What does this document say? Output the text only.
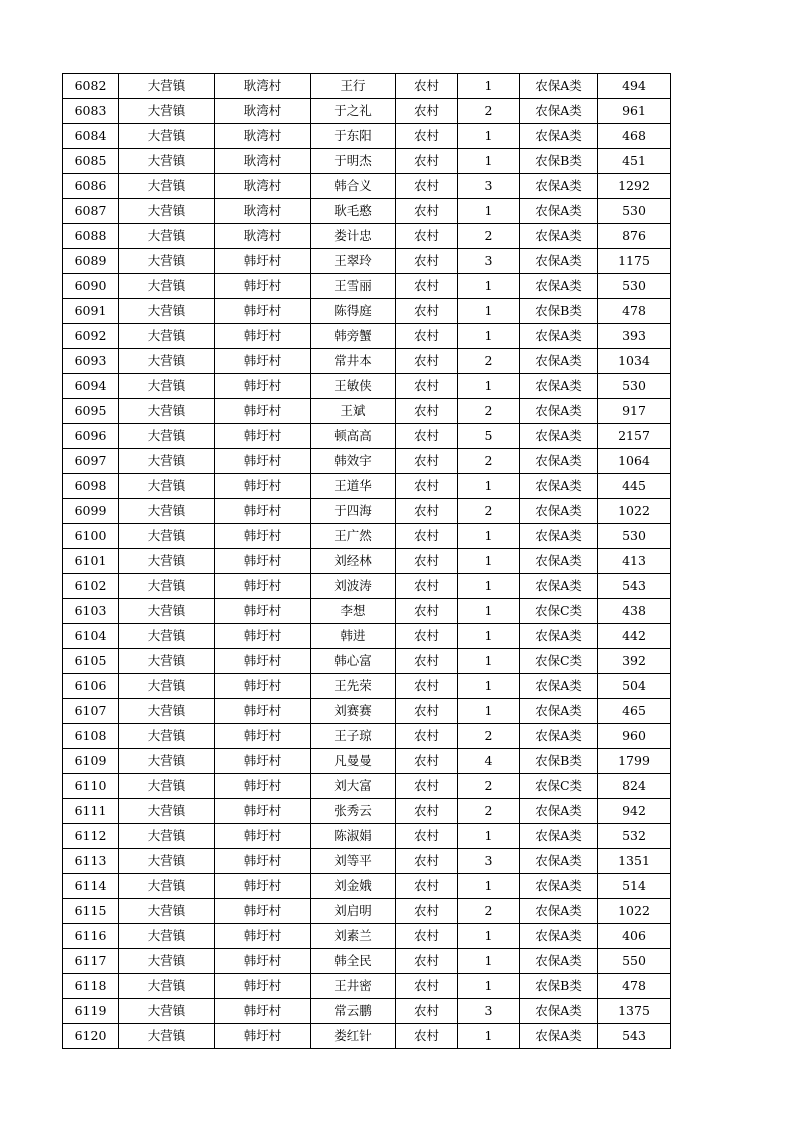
6082	大营镇	耿湾村	王行	农村	1	农保A类	494
6083	大营镇	耿湾村	于之礼	农村	2	农保A类	961
6084	大营镇	耿湾村	于东阳	农村	1	农保A类	468
6085	大营镇	耿湾村	于明杰	农村	1	农保B类	451
6086	大营镇	耿湾村	韩合义	农村	3	农保A类	1292
6087	大营镇	耿湾村	耿毛憨	农村	1	农保A类	530
6088	大营镇	耿湾村	娄计忠	农村	2	农保A类	876
6089	大营镇	韩圩村	王翠玲	农村	3	农保A类	1175
6090	大营镇	韩圩村	王雪丽	农村	1	农保A类	530
6091	大营镇	韩圩村	陈得庭	农村	1	农保B类	478
6092	大营镇	韩圩村	韩旁蟹	农村	1	农保A类	393
6093	大营镇	韩圩村	常井本	农村	2	农保A类	1034
6094	大营镇	韩圩村	王敏侠	农村	1	农保A类	530
6095	大营镇	韩圩村	王斌	农村	2	农保A类	917
6096	大营镇	韩圩村	顿高高	农村	5	农保A类	2157
6097	大营镇	韩圩村	韩效宇	农村	2	农保A类	1064
6098	大营镇	韩圩村	王道华	农村	1	农保A类	445
6099	大营镇	韩圩村	于四海	农村	2	农保A类	1022
6100	大营镇	韩圩村	王广然	农村	1	农保A类	530
6101	大营镇	韩圩村	刘经林	农村	1	农保A类	413
6102	大营镇	韩圩村	刘波涛	农村	1	农保A类	543
6103	大营镇	韩圩村	李想	农村	1	农保C类	438
6104	大营镇	韩圩村	韩进	农村	1	农保A类	442
6105	大营镇	韩圩村	韩心富	农村	1	农保C类	392
6106	大营镇	韩圩村	王先荣	农村	1	农保A类	504
6107	大营镇	韩圩村	刘赛赛	农村	1	农保A类	465
6108	大营镇	韩圩村	王子琼	农村	2	农保A类	960
6109	大营镇	韩圩村	凡曼曼	农村	4	农保B类	1799
6110	大营镇	韩圩村	刘大富	农村	2	农保C类	824
6111	大营镇	韩圩村	张秀云	农村	2	农保A类	942
6112	大营镇	韩圩村	陈淑娟	农村	1	农保A类	532
6113	大营镇	韩圩村	刘等平	农村	3	农保A类	1351
6114	大营镇	韩圩村	刘金娥	农村	1	农保A类	514
6115	大营镇	韩圩村	刘启明	农村	2	农保A类	1022
6116	大营镇	韩圩村	刘素兰	农村	1	农保A类	406
6117	大营镇	韩圩村	韩全民	农村	1	农保A类	550
6118	大营镇	韩圩村	王井密	农村	1	农保B类	478
6119	大营镇	韩圩村	常云鹏	农村	3	农保A类	1375
6120	大营镇	韩圩村	娄红针	农村	1	农保A类	543
